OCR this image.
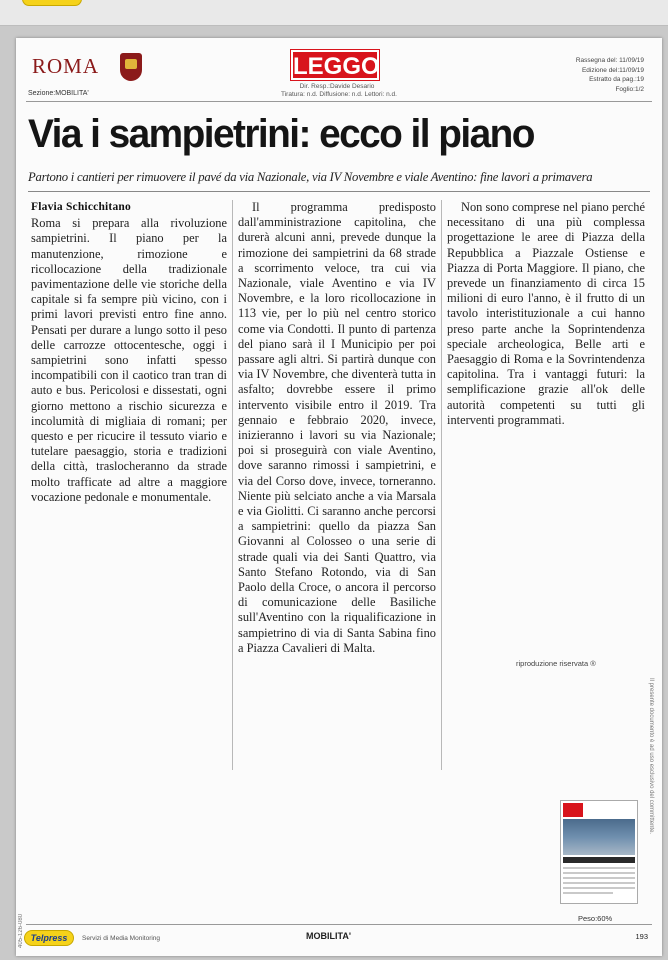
ROMA
Sezione:MOBILITA'
LEGGO
Dir. Resp.:Davide Desario
Tiratura: n.d. Diffusione: n.d. Lettori: n.d.
Rassegna del: 11/09/19
Edizione del:11/09/19
Estratto da pag.:19
Foglio:1/2
Via i sampietrini: ecco il piano
Partono i cantieri per rimuovere il pavé da via Nazionale, via IV Novembre e viale Aventino: fine lavori a primavera
Flavia Schicchitano

Roma si prepara alla rivoluzione sampietrini. Il piano per la manutenzione, rimozione e ricollocazione della tradizionale pavimentazione delle vie storiche della capitale si fa sempre più vicino, con i primi lavori previsti entro fine anno. Pensati per durare a lungo sotto il peso delle carrozze ottocentesche, oggi i sampietrini sono infatti spesso incompatibili con il caotico tran tran di auto e bus. Pericolosi e dissestati, ogni giorno mettono a rischio sicurezza e incolumità di migliaia di romani; per questo e per ricucire il tessuto viario e tutelare paesaggio, storia e tradizioni della città, traslocheranno da strade molto trafficate ad altre a maggiore vocazione pedonale e monumentale.

Il programma predisposto dall'amministrazione capitolina, che durerà alcuni anni, prevede dunque la rimozione dei sampietrini da 68 strade a scorrimento veloce, tra cui via Nazionale, viale Aventino e via IV Novembre, e la loro ricollocazione in 113 vie, per lo più nel centro storico come via Condotti. Il punto di partenza del piano sarà il I Municipio per poi passare agli altri. Si partirà dunque con via IV Novembre, che diventerà tutta in asfalto; dovrebbe essere il primo intervento visibile entro il 2019. Tra gennaio e febbraio 2020, invece, inizieranno i lavori su via Nazionale; poi si proseguirà con viale Aventino, dove saranno rimossi i sampietrini, e via del Corso dove, invece, torneranno. Niente più selciato anche a via Marsala e via Giolitti. Ci saranno anche percorsi a sampietrini: quello da piazza San Giovanni al Colosseo o una serie di strade quali via dei Santi Quattro, via Santo Stefano Rotondo, via di San Paolo della Croce, o ancora il percorso di comunicazione delle Basiliche sull'Aventino con la riqualificazione in sampietrino di via di Santa Sabina fino a Piazza Cavalieri di Malta.

Non sono comprese nel piano perché necessitano di una più complessa progettazione le aree di Piazza della Repubblica a Piazzale Ostiense e Piazza di Porta Maggiore. Il piano, che prevede un finanziamento di circa 15 milioni di euro l'anno, è il frutto di un tavolo interistituzionale a cui hanno preso parte anche la Soprintendenza speciale archeologica, Belle arti e Paesaggio di Roma e la Sovrintendenza capitolina. Tra i vantaggi futuri: la semplificazione grazie all'ok delle autorità competenti su tutti gli interventi programmati.

riproduzione riservata ®
Peso:60%
Il presente documento è ad uso esclusivo del committente.
405-126-080 Telpress	Servizi di Media Monitoring	MOBILITA'	193
